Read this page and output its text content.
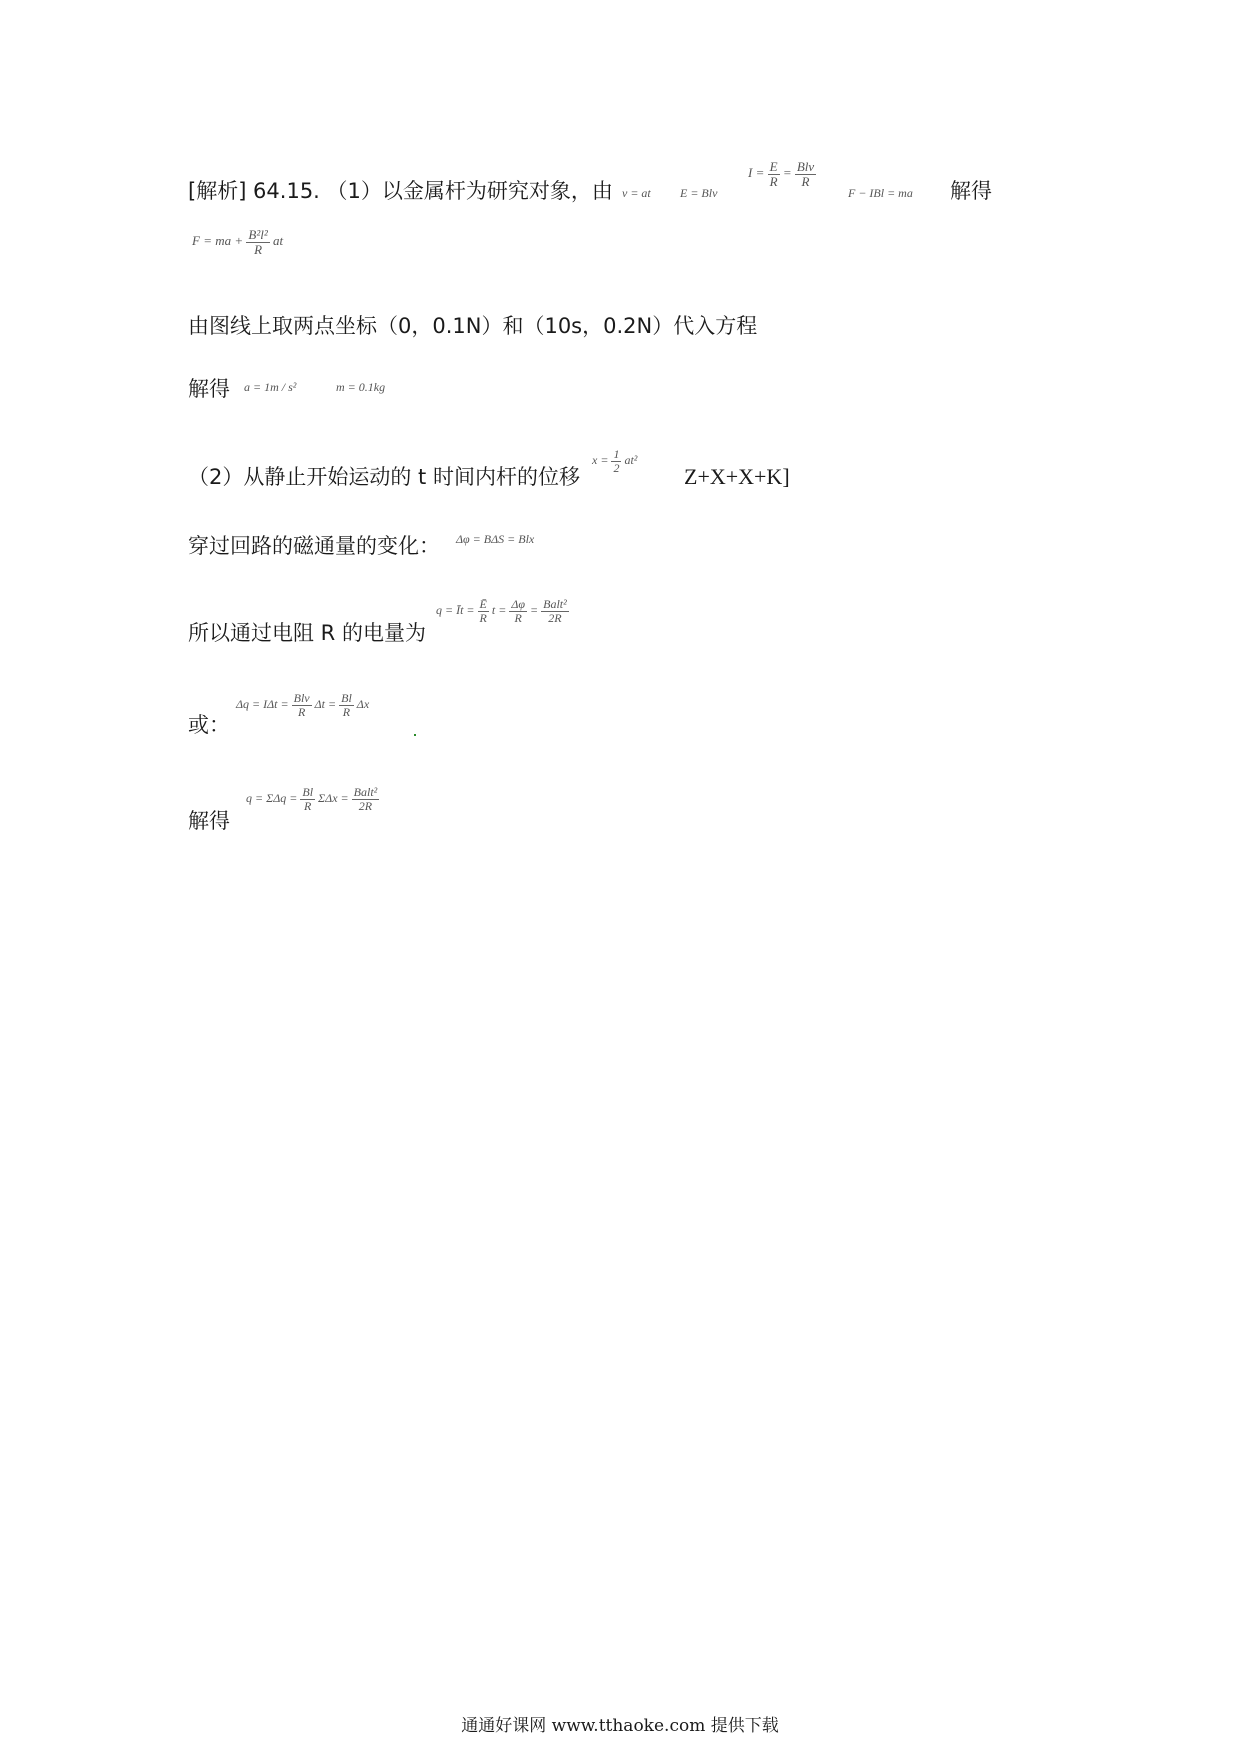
[解析] 64.15. （1）以金属杆为研究对象，由 v = at E = Blv
$I = \frac{E}{R} = \frac{\text{Blv}}{R}$
F − IBl = ma 解得
F = ma + $\frac{\text{B²l²}}{R}$ at
由图线上取两点坐标（0，0.1N）和（10s，0.2N）代入方程
解得 a = 1m / s²	m = 0.1kg
（2）从静止开始运动的 t 时间内杆的位移
$x = \frac{1}{2} at^2$
Z+X+X+K]
穿过回路的磁通量的变化： Δφ = BΔS = Blx
所以通过电阻 R 的电量为
q = Īt = $\frac{Ē}{R}$ $t = \frac{\Delta\varphi}{R} = \frac{\text{Balt²}}{2R}$
或：
$\Delta q = I\Delta t = \frac{\text{Blv}}{R}$ $\Delta t = \frac{Bl}{R}$ Δx
解得
$q = \Sigma\Delta q = \frac{Bl}{R}$ $\Sigma\Delta x = \frac{\text{Balt²}}{2R}$
通通好课网 www.tthaoke.com 提供下载
